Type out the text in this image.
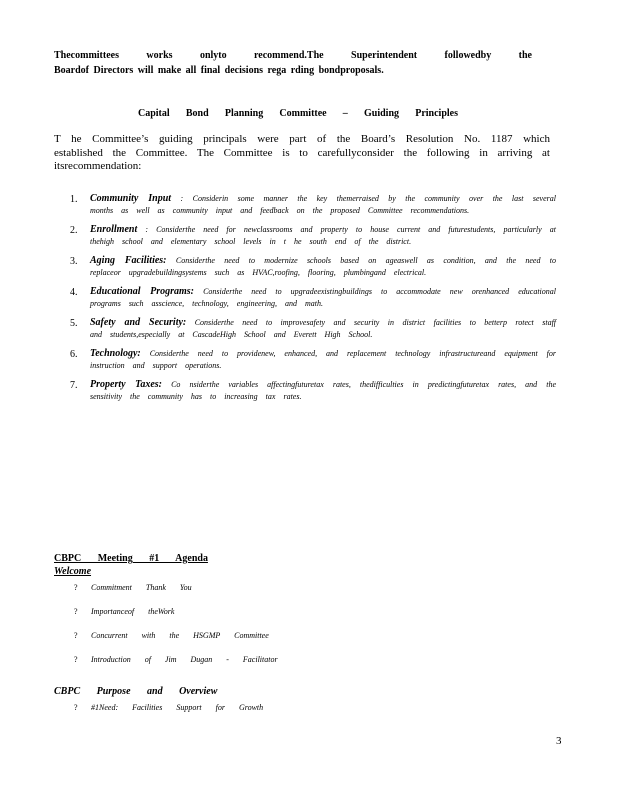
Thecommittees works onlyto recommend.The Superintendent followedby the
Boardof Directors will make all final decisions rega rding bondproposals.
Capital Bond Planning Committee – Guiding Principles
T he Committee’s guiding principals were part of the Board’s Resolution No. 1187 which
established the Committee. The Committee is to carefullyconsider the following in arriving at
itsrecommendation:
1. Community Input : Considerin some manner the key themerraised by the community over the last several months as well as community input and feedback on the proposed Committee recommendations.
2. Enrollment : Considerthe need for newclassrooms and property to house current and futurestudents, particularly at thehigh school and elementary school levels in t he south end of the district.
3. Aging Facilities: Considerthe need to modernize schools based on ageaswell as condition, and the need to replaceor upgradebuildingsystems such as HVAC,roofing, flooring, plumbingand electrical.
4. Educational Programs: Considerthe need to upgradeexistingbuildings to accommodate new orenhanced educational programs such asscience, technology, engineering, and math.
5. Safety and Security: Considerthe need to improvesafety and security in district facilities to betterp rotect staff and students,especially at CascadeHigh School and Everett High School.
6. Technology: Considerthe need to providenew, enhanced, and replacement technology infrastructureand equipment for instruction and support operations.
7. Property Taxes: Co nsiderthe variables affectingfuturetax rates, thedifficulties in predictingfuturetax rates, and the sensitivity the community has to increasing tax rates.
CBPC Meeting #1 Agenda
Welcome
? Commitment Thank You
? Importanceof theWork
? Concurrent with the HSGMP Committee
? Introduction of Jim Dugan - Facilitator
CBPC Purpose and Overview
? #1Need: Facilities Support for Growth
3
